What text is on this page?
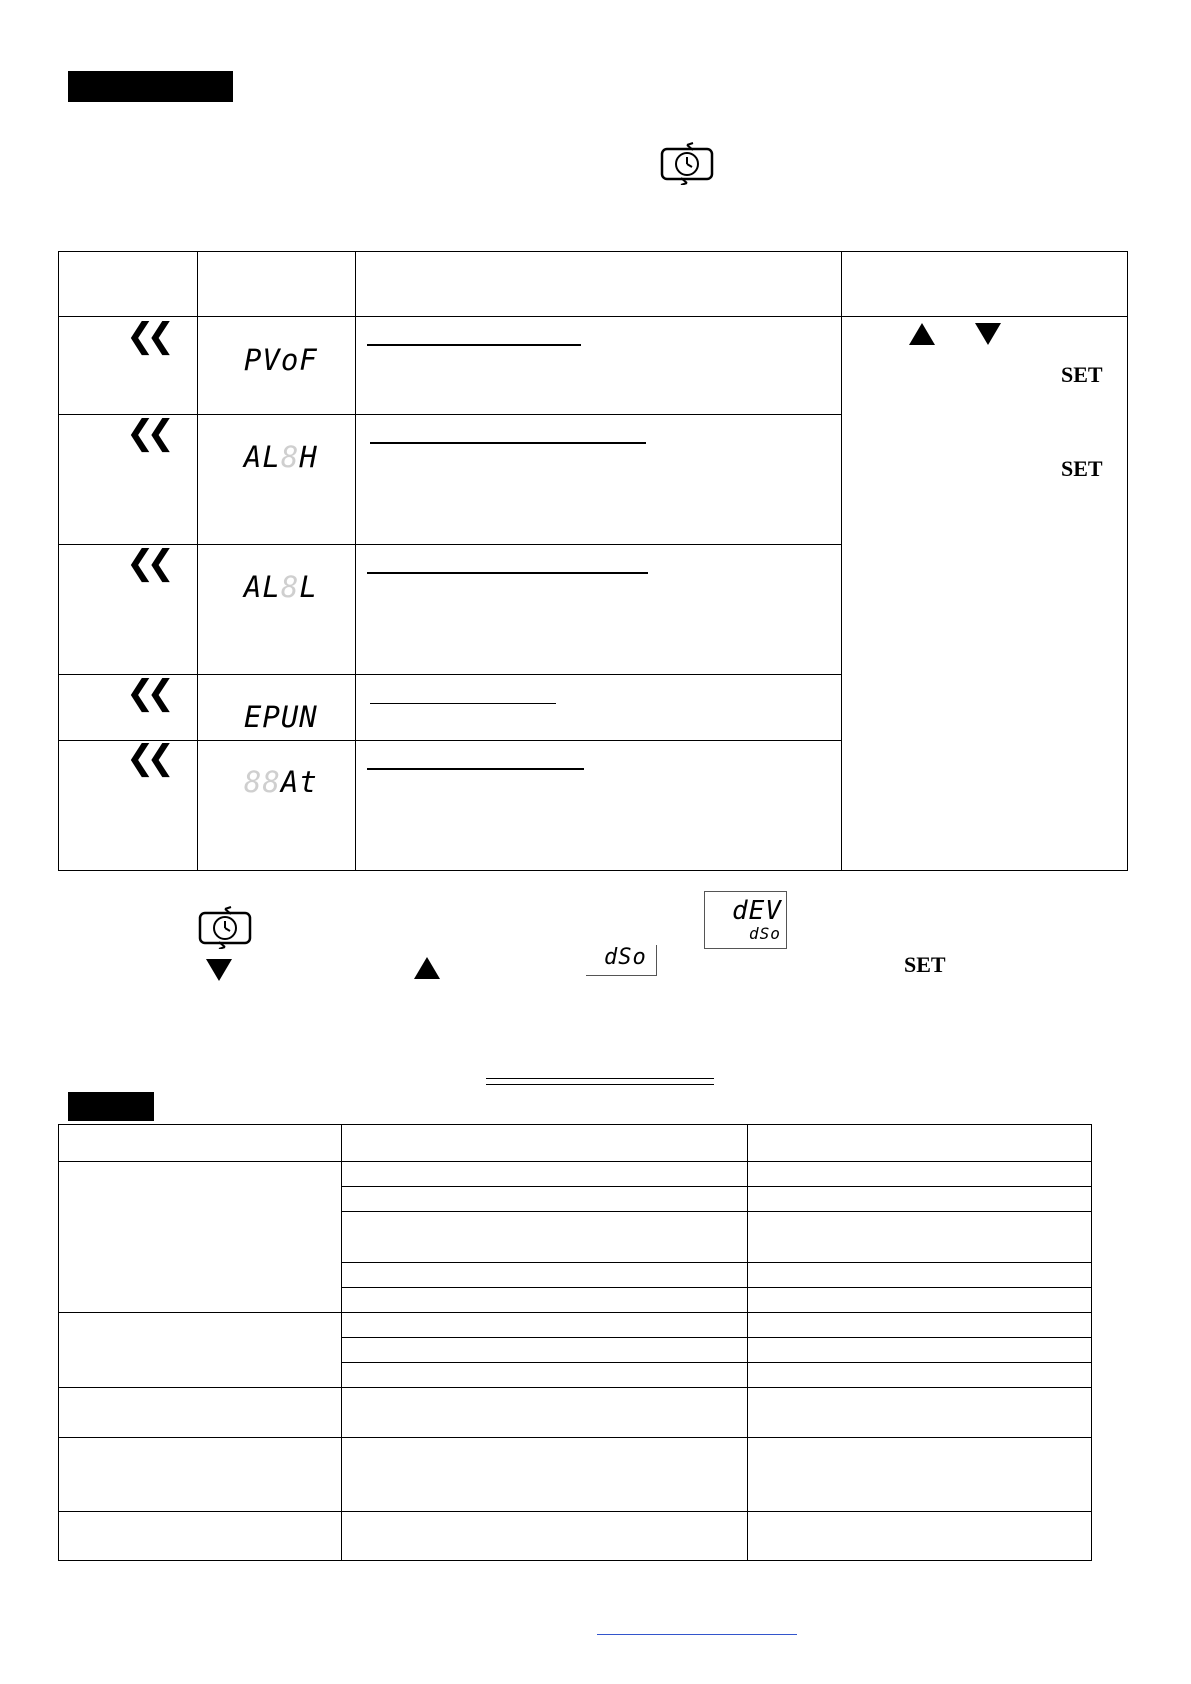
❮❮

PVoF

❮❮

AL8H

❮❮

AL8L

❮❮

EPUN

❮❮

88At

SET
SET
dEV
dSo
dSo	SET
